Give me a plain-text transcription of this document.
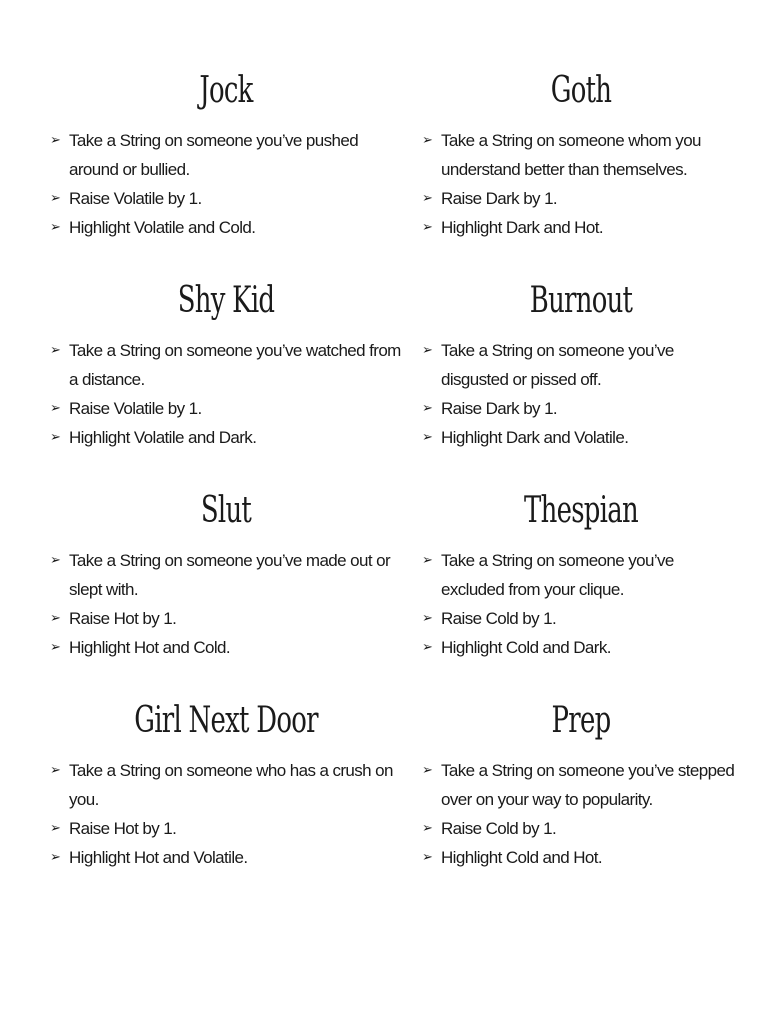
Jock
➢ Take a String on someone you’ve pushed around or bullied.
➢ Raise Volatile by 1.
➢ Highlight Volatile and Cold.
Goth
➢ Take a String on someone whom you understand better than themselves.
➢ Raise Dark by 1.
➢ Highlight Dark and Hot.
Shy Kid
➢ Take a String on someone you’ve watched from a distance.
➢ Raise Volatile by 1.
➢ Highlight Volatile and Dark.
Burnout
➢ Take a String on someone you’ve disgusted or pissed off.
➢ Raise Dark by 1.
➢ Highlight Dark and Volatile.
Slut
➢ Take a String on someone you’ve made out or slept with.
➢ Raise Hot by 1.
➢ Highlight Hot and Cold.
Thespian
➢ Take a String on someone you’ve excluded from your clique.
➢ Raise Cold by 1.
➢ Highlight Cold and Dark.
Girl Next Door
➢ Take a String on someone who has a crush on you.
➢ Raise Hot by 1.
➢ Highlight Hot and Volatile.
Prep
➢ Take a String on someone you’ve stepped over on your way to popularity.
➢ Raise Cold by 1.
➢ Highlight Cold and Hot.
